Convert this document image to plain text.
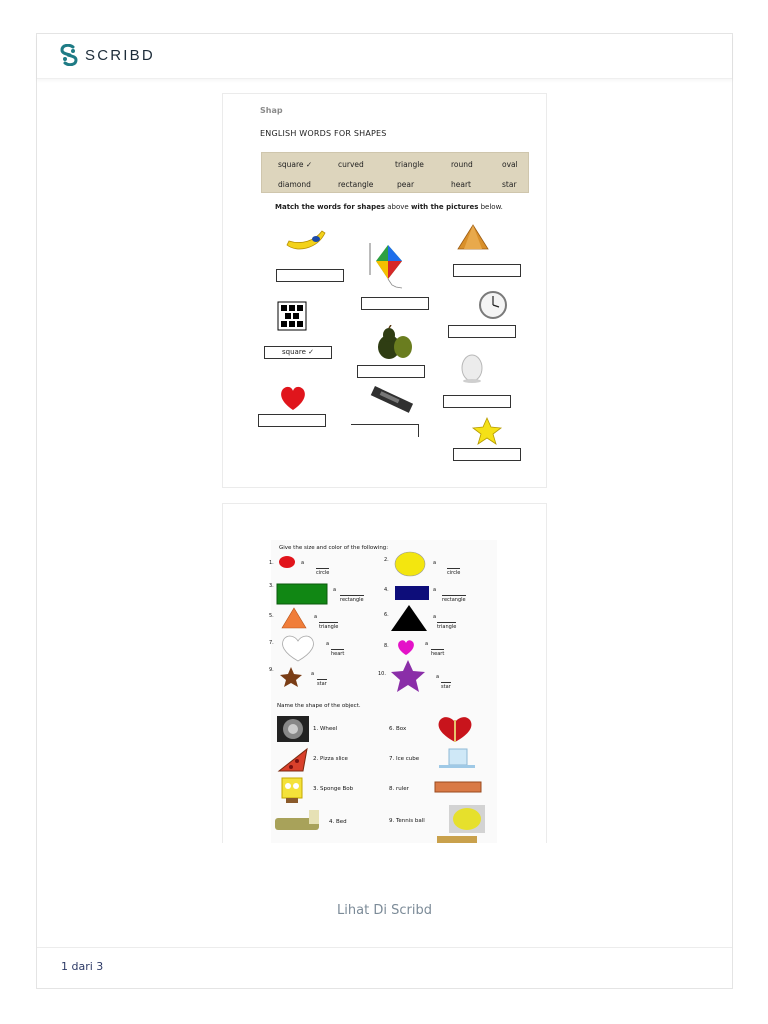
SCRIBD
Shap
ENGLISH WORDS FOR SHAPES
square ✓	curved	triangle	round	oval
diamond	rectangle	pear	heart	star
Match the words for shapes above with the pictures below.
square ✓
Give the size and color of the following:
1.	a
circle
2.	a
circle
3.
a
rectangle
4.	a
rectangle
5.	a
triangle
6.	a
triangle
7.	a
heart
8.	a
heart
9.
a
star
10.	a
star
Name the shape of the object.
1. Wheel
2. Pizza slice
3. Sponge Bob
4. Bed
6. Box
7. Ice cube
8. ruler
9. Tennis ball
Lihat Di Scribd
1 dari 3
